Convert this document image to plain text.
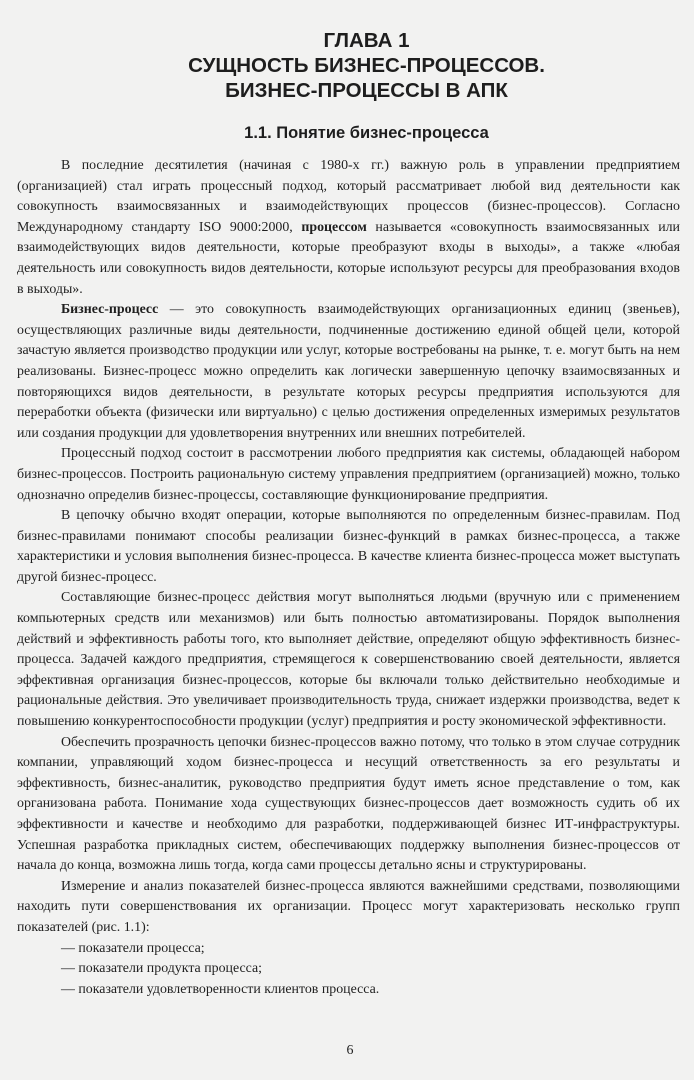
ГЛАВА 1
СУЩНОСТЬ БИЗНЕС-ПРОЦЕССОВ.
БИЗНЕС-ПРОЦЕССЫ В АПК
1.1. Понятие бизнес-процесса

В последние десятилетия (начиная с 1980-х гг.) важную роль в управлении предприятием (организацией) стал играть процессный подход, который рассматривает любой вид деятельности как совокупность взаимосвязанных и взаимодействующих процессов (бизнес-процессов). Согласно Международному стандарту ISO 9000:2000, процессом называется «совокупность взаимосвязанных или взаимодействующих видов деятельности, которые преобразуют входы в выходы», а также «любая деятельность или совокупность видов деятельности, которые используют ресурсы для преобразования входов в выходы».

Бизнес-процесс — это совокупность взаимодействующих организационных единиц (звеньев), осуществляющих различные виды деятельности, подчиненные достижению единой общей цели, которой зачастую является производство продукции или услуг, которые востребованы на рынке, т. е. могут быть на нем реализованы. Бизнес-процесс можно определить как логически завершенную цепочку взаимосвязанных и повторяющихся видов деятельности, в результате которых ресурсы предприятия используются для переработки объекта (физически или виртуально) с целью достижения определенных измеримых результатов или создания продукции для удовлетворения внутренних или внешних потребителей.

Процессный подход состоит в рассмотрении любого предприятия как системы, обладающей набором бизнес-процессов. Построить рациональную систему управления предприятием (организацией) можно, только однозначно определив бизнес-процессы, составляющие функционирование предприятия.

В цепочку обычно входят операции, которые выполняются по определенным бизнес-правилам. Под бизнес-правилами понимают способы реализации бизнес-функций в рамках бизнес-процесса, а также характеристики и условия выполнения бизнес-процесса. В качестве клиента бизнес-процесса может выступать другой бизнес-процесс.

Составляющие бизнес-процесс действия могут выполняться людьми (вручную или с применением компьютерных средств или механизмов) или быть полностью автоматизированы. Порядок выполнения действий и эффективность работы того, кто выполняет действие, определяют общую эффективность бизнес-процесса. Задачей каждого предприятия, стремящегося к совершенствованию своей деятельности, является эффективная организация бизнес-процессов, которые бы включали только действительно необходимые и рациональные действия. Это увеличивает производительность труда, снижает издержки производства, ведет к повышению конкурентоспособности продукции (услуг) предприятия и росту экономической эффективности.

Обеспечить прозрачность цепочки бизнес-процессов важно потому, что только в этом случае сотрудник компании, управляющий ходом бизнес-процесса и несущий ответственность за его результаты и эффективность, бизнес-аналитик, руководство предприятия будут иметь ясное представление о том, как организована работа. Понимание хода существующих бизнес-процессов дает возможность судить об их эффективности и качестве и необходимо для разработки, поддерживающей бизнес ИТ-инфраструктуры. Успешная разработка прикладных систем, обеспечивающих поддержку выполнения бизнес-процессов от начала до конца, возможна лишь тогда, когда сами процессы детально ясны и структурированы.

Измерение и анализ показателей бизнес-процесса являются важнейшими средствами, позволяющими находить пути совершенствования их организации. Процесс могут характеризовать несколько групп показателей (рис. 1.1):

— показатели процесса;
— показатели продукта процесса;
— показатели удовлетворенности клиентов процесса.
6
